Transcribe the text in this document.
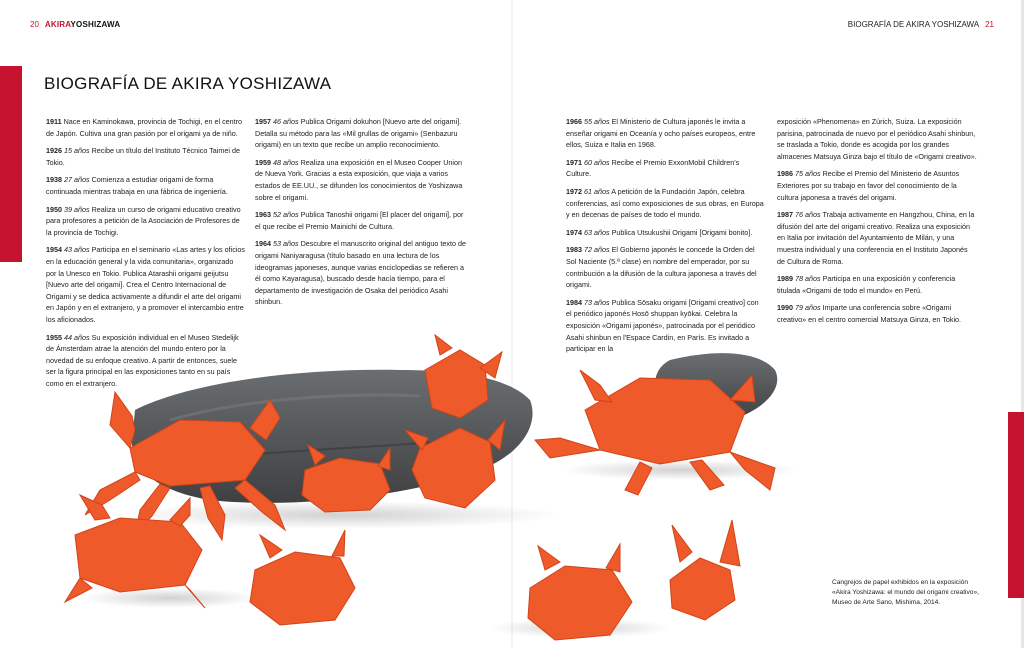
20 AKIRAYOSHIZAWA	BIOGRAFÍA DE AKIRA YOSHIZAWA 21
BIOGRAFÍA DE AKIRA YOSHIZAWA

1911 Nace en Kaminokawa, provincia de Tochigi, en el centro de Japón. Cultiva una gran pasión por el origami ya de niño.

1926 15 años Recibe un título del Instituto Técnico Taimei de Tokio.

1938 27 años Comienza a estudiar origami de forma continuada mientras trabaja en una fábrica de ingeniería.

1950 39 años Realiza un curso de origami educativo creativo para profesores a petición de la Asociación de Profesores de la provincia de Tochigi.

1954 43 años Participa en el seminario «Las artes y los oficios en la educación general y la vida comunitaria», organizado por la Unesco en Tokio. Publica Atarashii origami geijutsu [Nuevo arte del origami]. Crea el Centro Internacional de Origami y se dedica activamente a difundir el arte del origami en Japón y en el extranjero, y a promover el intercambio entre los aficionados.

1955 44 años Su exposición individual en el Museo Stedelijk de Ámsterdam atrae la atención del mundo entero por la novedad de su enfoque creativo. A partir de entonces, suele ser la figura principal en las exposiciones tanto en su país como en el extranjero.

1957 46 años Publica Origami dokuhon [Nuevo arte del origami]. Detalla su método para las «Mil grullas de origami» (Senbazuru origami) en un texto que recibe un amplio reconocimiento.

1959 48 años Realiza una exposición en el Museo Cooper Union de Nueva York. Gracias a esta exposición, que viaja a varios estados de EE.UU., se difunden los conocimientos de Yoshizawa sobre el origami.

1963 52 años Publica Tanoshii origami [El placer del origami], por el que recibe el Premio Mainichi de Cultura.

1964 53 años Descubre el manuscrito original del antiguo texto de origami Naniyaragusa (título basado en una lectura de los ideogramas japoneses, aunque varias enciclopedias se refieren a él como Kayaragusa), buscado desde hacía tiempo, para el departamento de investigación de Osaka del periódico Asahi shinbun.

1966 55 años El Ministerio de Cultura japonés le invita a enseñar origami en Oceanía y ocho países europeos, entre ellos, Suiza e Italia en 1968.

1971 60 años Recibe el Premio ExxonMobil Children's Culture.

1972 61 años A petición de la Fundación Japón, celebra conferencias, así como exposiciones de sus obras, en Europa y en decenas de países de todo el mundo.

1974 63 años Publica Utsukushii Origami [Origami bonito].

1983 72 años El Gobierno japonés le concede la Orden del Sol Naciente (5.ª clase) en nombre del emperador, por su contribución a la difusión de la cultura japonesa a través del origami.

1984 73 años Publica Sōsaku origami [Origami creativo] con el periódico japonés Hosō shuppan kyōkai. Celebra la exposición «Origami japonés», patrocinada por el periódico Asahi shinbun en l'Espace Cardin, en París. Es invitado a participar en la

exposición «Phenomena» en Zúrich, Suiza. La exposición parisina, patrocinada de nuevo por el periódico Asahi shinbun, se traslada a Tokio, donde es acogida por los grandes almacenes Matsuya Ginza bajo el título de «Origami creativo».

1986 75 años Recibe el Premio del Ministerio de Asuntos Exteriores por su trabajo en favor del conocimiento de la cultura japonesa a través del origami.

1987 76 años Trabaja activamente en Hangzhou, China, en la difusión del arte del origami creativo. Realiza una exposición en Italia por invitación del Ayuntamiento de Milán, y una muestra individual y una conferencia en el Instituto Japonés de Cultura de Roma.

1989 78 años Participa en una exposición y conferencia titulada «Origami de todo el mundo» en Perú.

1990 79 años Imparte una conferencia sobre «Origami creativo» en el centro comercial Matsuya Ginza, en Tokio.

Cangrejos de papel exhibidos en la exposición «Akira Yoshizawa: el mundo del origami creativo», Museo de Arte Sano, Mishima, 2014.
